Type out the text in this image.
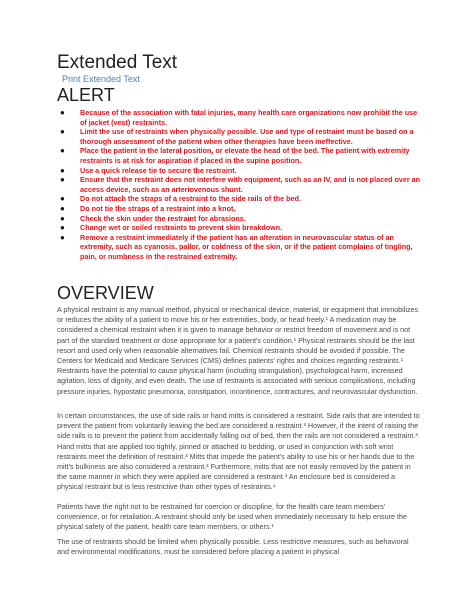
Extended Text
Print Extended Text
ALERT
● Because of the association with fatal injuries, many health care organizations now prohibit the use of jacket (vest) restraints.
● Limit the use of restraints when physically possible. Use and type of restraint must be based on a thorough assessment of the patient when other therapies have been ineffective.
● Place the patient in the lateral position, or elevate the head of the bed. The patient with extremity restraints is at risk for aspiration if placed in the supine position.
● Use a quick release tie to secure the restraint.
● Ensure that the restraint does not interfere with equipment, such as an IV, and is not placed over an access device, such as an arteriovenous shunt.
● Do not attach the straps of a restraint to the side rails of the bed.
● Do not tie the straps of a restraint into a knot.
● Check the skin under the restraint for abrasions.
● Change wet or soiled restraints to prevent skin breakdown.
● Remove a restraint immediately if the patient has an alteration in neurovascular status of an extremity, such as cyanosis, pallor, or coldness of the skin, or if the patient complains of tingling, pain, or numbness in the restrained extremity.
OVERVIEW

A physical restraint is any manual method, physical or mechanical device, material, or equipment that immobilizes or reduces the ability of a patient to move his or her extremities, body, or head freely.¹ A medication may be considered a chemical restraint when it is given to manage behavior or restrict freedom of movement and is not part of the standard treatment or dose appropriate for a patient's condition.¹ Physical restraints should be the last resort and used only when reasonable alternatives fail. Chemical restraints should be avoided if possible. The Centers for Medicaid and Medicare Services (CMS) defines patients' rights and choices regarding restraints.¹ Restraints have the potential to cause physical harm (including strangulation), psychological harm, increased agitation, loss of dignity, and even death. The use of restraints is associated with serious complications, including pressure injuries, hypostatic pneumonia, constipation, incontinence, contractures, and neurovascular dysfunction.

In certain circumstances, the use of side rails or hand mitts is considered a restraint. Side rails that are intended to prevent the patient from voluntarily leaving the bed are considered a restraint.³ However, if the intent of raising the side rails is to prevent the patient from accidentally falling out of bed, then the rails are not considered a restraint.³ Hand mitts that are applied too tightly, pinned or attached to bedding, or used in conjunction with soft wrist restraints meet the definition of restraint.³ Mitts that impede the patient's ability to use his or her hands due to the mitt's bulkiness are also considered a restraint.³ Furthermore, mitts that are not easily removed by the patient in the same manner in which they were applied are considered a restraint.³ An enclosure bed is considered a physical restraint but is less restrictive than other types of restraints.⁴

Patients have the right not to be restrained for coercion or discipline, for the health care team members' convenience, or for retaliation. A restraint should only be used when immediately necessary to help ensure the physical safety of the patient, health care team members, or others.¹

The use of restraints should be limited when physically possible. Less restrictive measures, such as behavioral and environmental modifications, must be considered before placing a patient in physical
